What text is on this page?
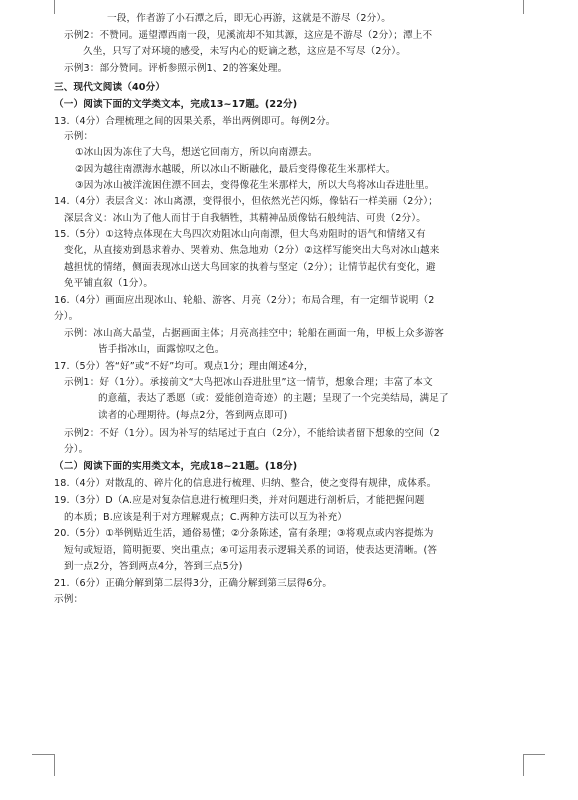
一段，作者游了小石潭之后，即无心再游，这就是不游尽（2分）。
示例2：不赞同。遥望潭西南一段，见溪流却不知其源，这应是不游尽（2分）；潭上不
久坐，只写了对环境的感受，未写内心的贬谪之愁，这应是不写尽（2分）。
示例3：部分赞同。评析参照示例1、2的答案处理。
三、现代文阅读（40分）
（一）阅读下面的文学类文本，完成13~17题。(22分)
13.（4分）合理梳理之间的因果关系，举出两例即可。每例2分。
示例：
①冰山因为冻住了大鸟，想送它回南方，所以向南漂去。
②因为越往南漂海水越暖，所以冰山不断融化，最后变得像花生米那样大。
③因为冰山被洋流困住漂不回去，变得像花生米那样大，所以大鸟将冰山吞进肚里。
14.（4分）表层含义：冰山离漂，变得很小，但依然光芒闪烁，像钻石一样美丽（2分）；
深层含义：冰山为了他人而甘于自我牺牲，其精神品质像钻石般纯洁、可贵（2分）。
15.（5分）①这特点体现在大鸟四次劝阻冰山向南漂，但大鸟劝阻时的语气和情绪又有
变化，从直接劝到恳求着办、哭着劝、焦急地劝（2分）②这样写能突出大鸟对冰山越来
越担忧的情绪，侧面表现冰山送大鸟回家的执着与坚定（2分）；让情节起伏有变化，避
免平铺直叙（1分）。
16.（4分）画面应出现冰山、轮船、游客、月亮（2分）；布局合理，有一定细节说明（2
分）。
示例：冰山高大晶莹，占据画面主体；月亮高挂空中；轮船在画面一角，甲板上众多游客
皆手指冰山，面露惊叹之色。
17.（5分）答“好”或“不好”均可。观点1分；理由阐述4分，
示例1：好（1分）。承接前文“大鸟把冰山吞进肚里”这一情节，想象合理；丰富了本文
的意蕴，表达了悉愿（或：爱能创造奇迹）的主题；呈现了一个完美结局，满足了
读者的心理期待。(每点2分，答到两点即可)
示例2：不好（1分）。因为补写的结尾过于直白（2分），不能给读者留下想象的空间（2
分）。
（二）阅读下面的实用类文本，完成18~21题。(18分)
18.（4分）对散乱的、碎片化的信息进行梳理、归纳、整合，使之变得有规律，成体系。
19.（3分）D（A.应是对复杂信息进行梳理归类，并对问题进行剖析后，才能把握问题
的本质；B.应该是利于对方理解观点；C.两种方法可以互为补充）
20.（5分）①举例贴近生活，通俗易懂；②分条陈述，富有条理；③将观点或内容提炼为
短句或短语，简明扼要、突出重点；④可运用表示逻辑关系的词语，使表达更清晰。(答
到一点2分，答到两点4分，答到三点5分)
21.（6分）正确分解到第二层得3分，正确分解到第三层得6分。
示例：
